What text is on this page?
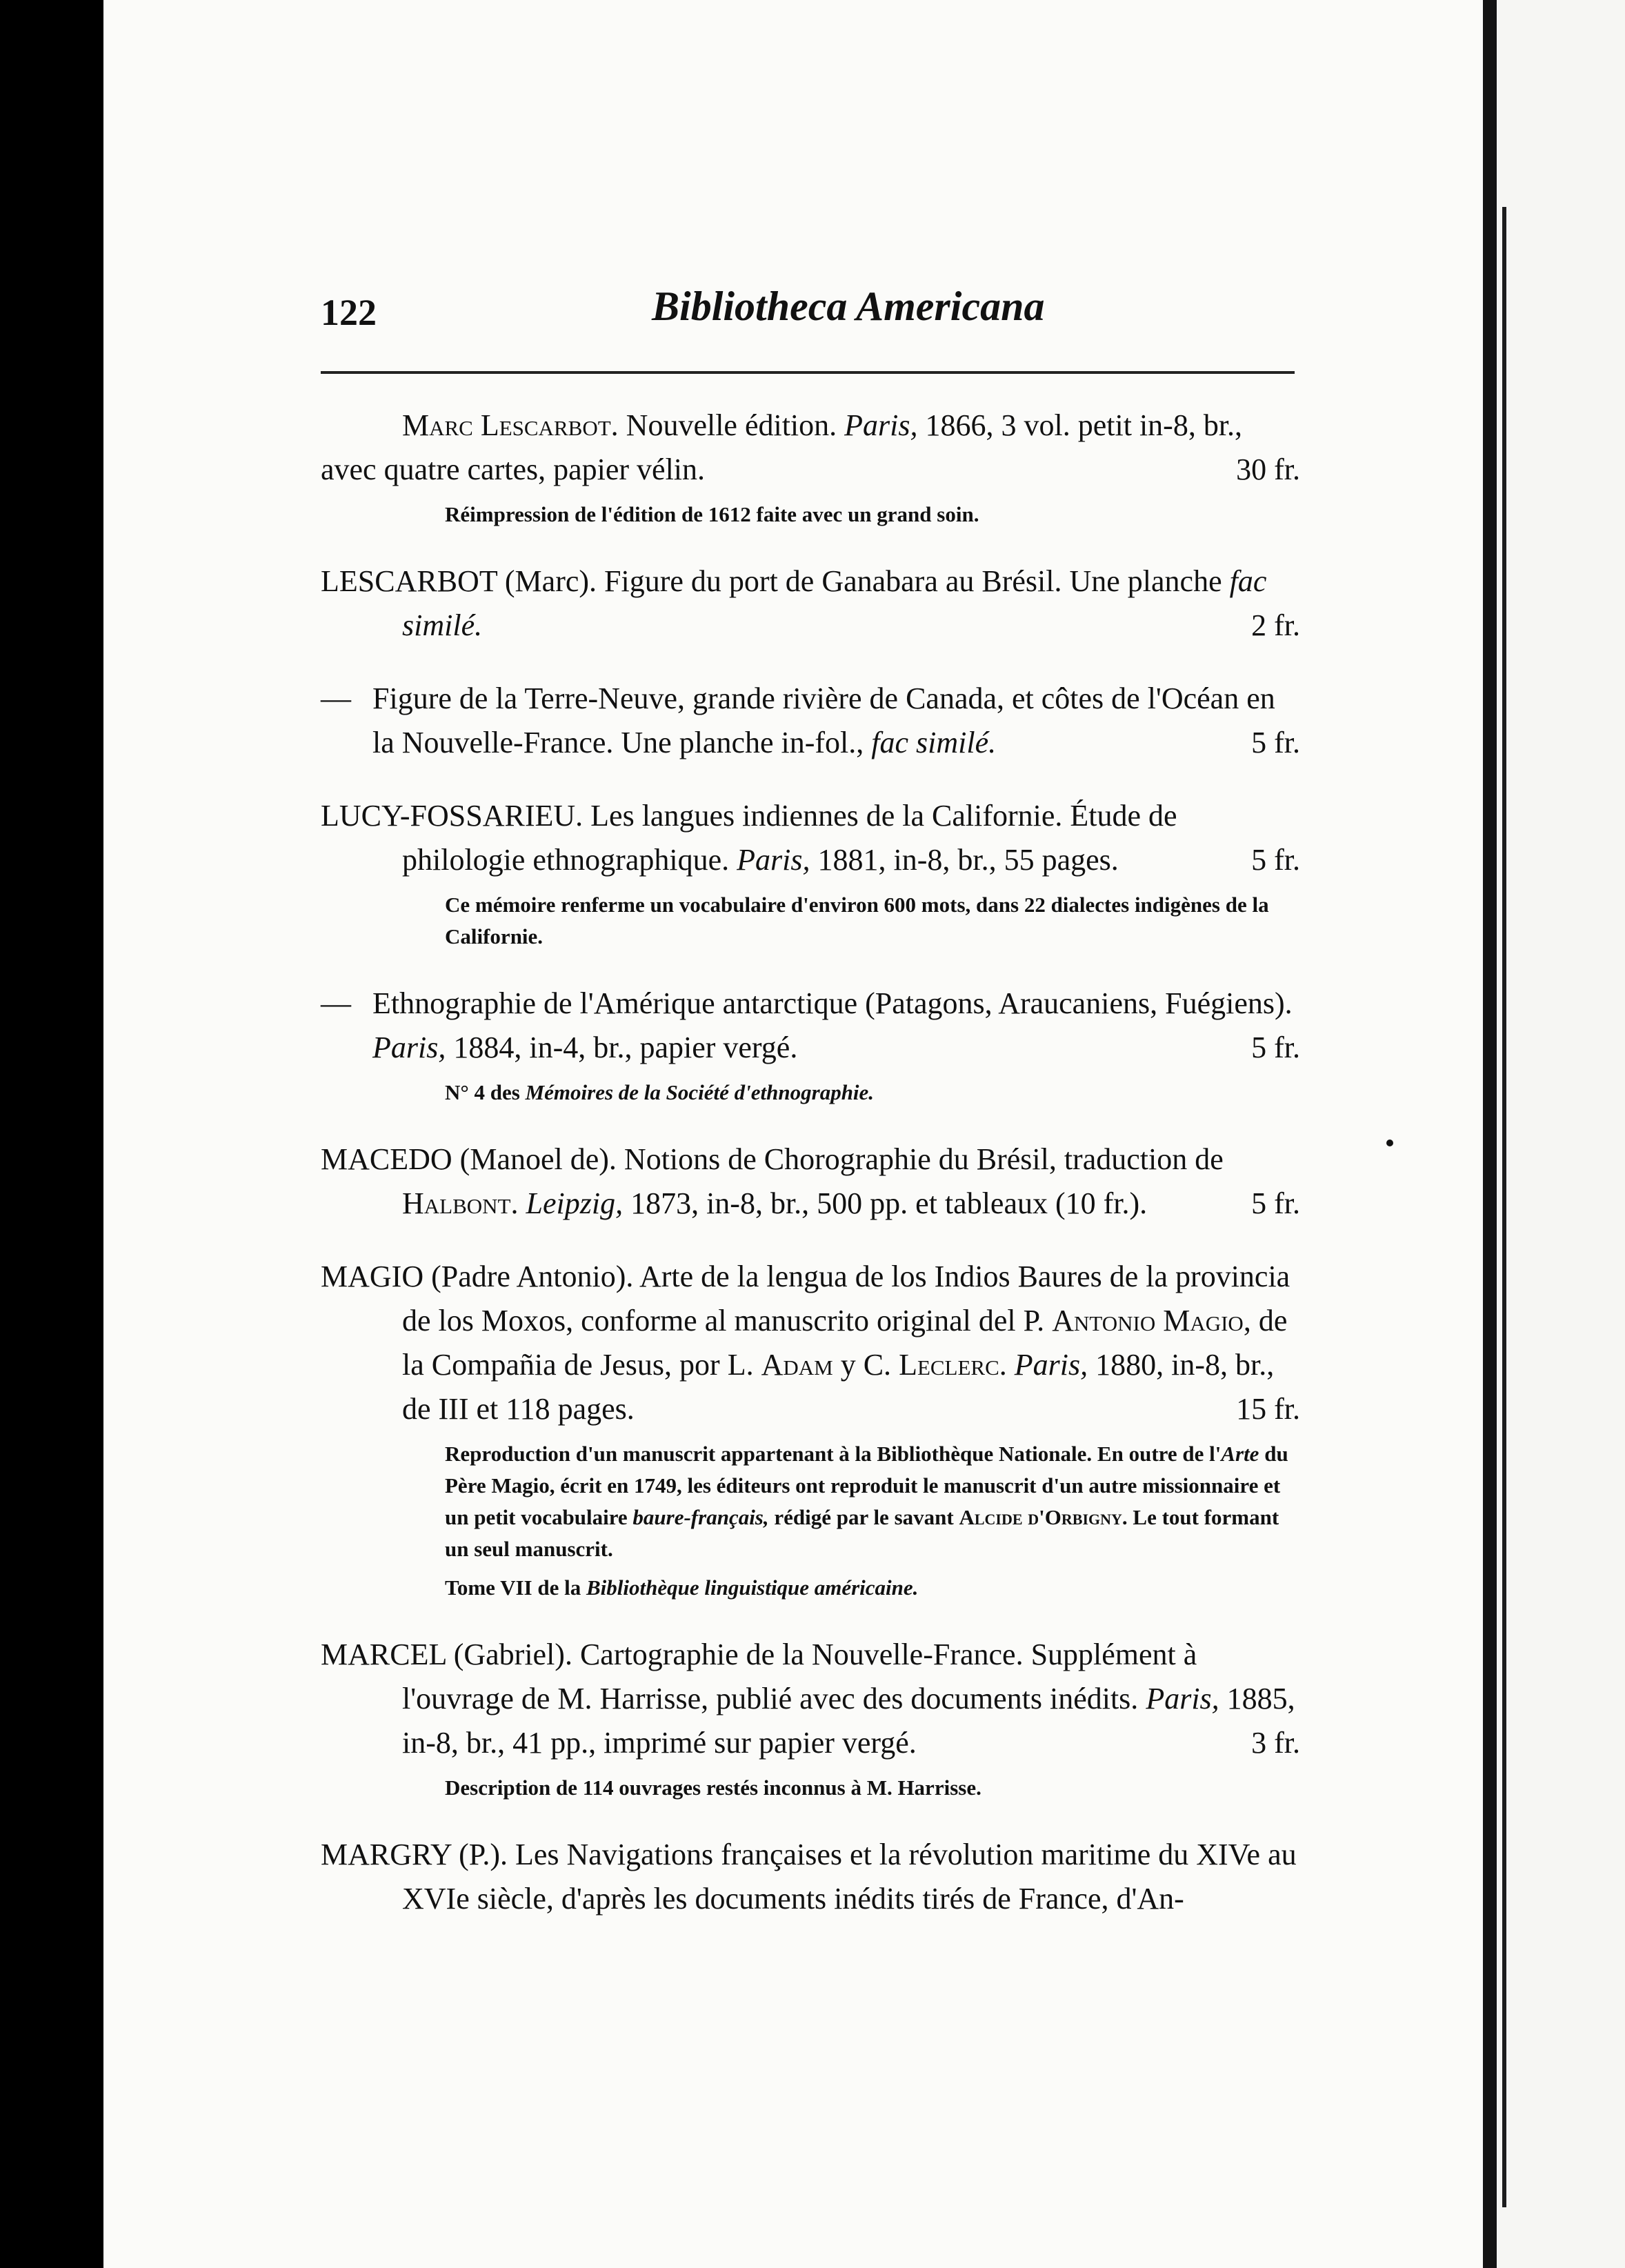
122	Bibliotheca Americana
Marc Lescarbot. Nouvelle édition. Paris, 1866, 3 vol. petit in-8, br., avec quatre cartes, papier vélin.	30 fr.
Réimpression de l'édition de 1612 faite avec un grand soin.
LESCARBOT (Marc). Figure du port de Ganabara au Brésil. Une planche fac similé.	2 fr.
— Figure de la Terre-Neuve, grande rivière de Canada, et côtes de l'Océan en la Nouvelle-France. Une planche in-fol., fac similé.	5 fr.
LUCY-FOSSARIEU. Les langues indiennes de la Californie. Étude de philologie ethnographique. Paris, 1881, in-8, br., 55 pages.	5 fr.
Ce mémoire renferme un vocabulaire d'environ 600 mots, dans 22 dialectes indigènes de la Californie.
— Ethnographie de l'Amérique antarctique (Patagons, Araucaniens, Fuégiens). Paris, 1884, in-4, br., papier vergé.	5 fr.
N° 4 des Mémoires de la Société d'ethnographie.
MACEDO (Manoel de). Notions de Chorographie du Brésil, traduction de Halbont. Leipzig, 1873, in-8, br., 500 pp. et tableaux (10 fr.).	5 fr.
MAGIO (Padre Antonio). Arte de la lengua de los Indios Baures de la provincia de los Moxos, conforme al manuscrito original del P. Antonio Magio, de la Compañia de Jesus, por L. Adam y C. Leclerc. Paris, 1880, in-8, br., de III et 118 pages.	15 fr.
Reproduction d'un manuscrit appartenant à la Bibliothèque Nationale. En outre de l'Arte du Père Magio, écrit en 1749, les éditeurs ont reproduit le manuscrit d'un autre missionnaire et un petit vocabulaire baure-français, rédigé par le savant Alcide d'Orbigny. Le tout formant un seul manuscrit.
Tome VII de la Bibliothèque linguistique américaine.
MARCEL (Gabriel). Cartographie de la Nouvelle-France. Supplément à l'ouvrage de M. Harrisse, publié avec des documents inédits. Paris, 1885, in-8, br., 41 pp., imprimé sur papier vergé.	3 fr.
Description de 114 ouvrages restés inconnus à M. Harrisse.
MARGRY (P.). Les Navigations françaises et la révolution maritime du XIVe au XVIe siècle, d'après les documents inédits tirés de France, d'An-
